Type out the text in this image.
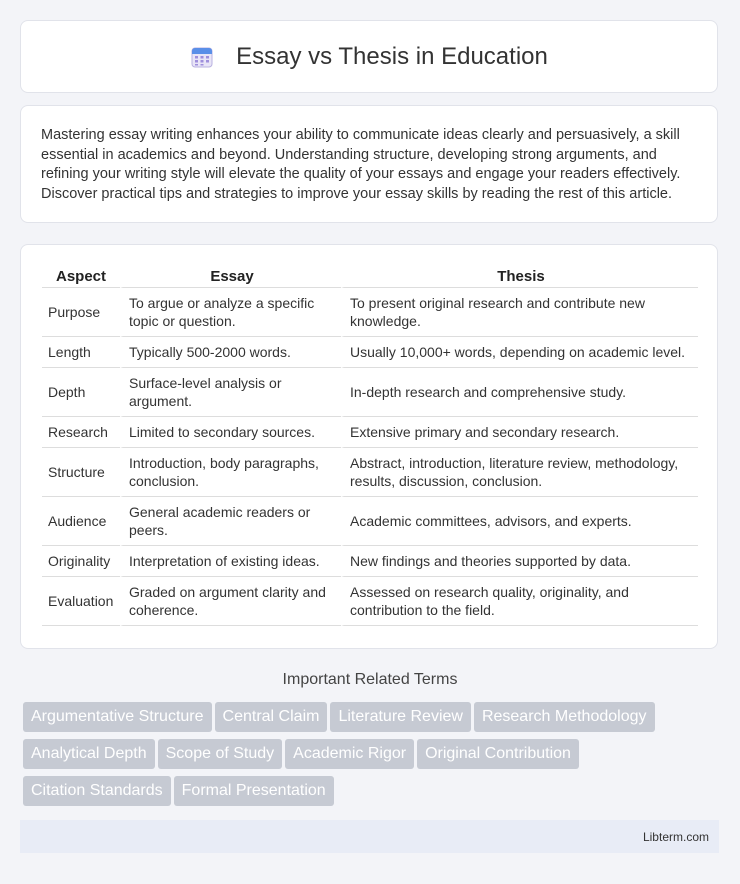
Essay vs Thesis in Education

Mastering essay writing enhances your ability to communicate ideas clearly and persuasively, a skill essential in academics and beyond. Understanding structure, developing strong arguments, and refining your writing style will elevate the quality of your essays and engage your readers effectively. Discover practical tips and strategies to improve your essay skills by reading the rest of this article.

Aspect	Essay	Thesis
Purpose	To argue or analyze a specific topic or question.	To present original research and contribute new knowledge.
Length	Typically 500-2000 words.	Usually 10,000+ words, depending on academic level.
Depth	Surface-level analysis or argument.	In-depth research and comprehensive study.
Research	Limited to secondary sources.	Extensive primary and secondary research.
Structure	Introduction, body paragraphs, conclusion.	Abstract, introduction, literature review, methodology, results, discussion, conclusion.
Audience	General academic readers or peers.	Academic committees, advisors, and experts.
Originality	Interpretation of existing ideas.	New findings and theories supported by data.
Evaluation	Graded on argument clarity and coherence.	Assessed on research quality, originality, and contribution to the field.
Important Related Terms
Argumentative Structure Central Claim Literature Review Research Methodology
Analytical Depth Scope of Study Academic Rigor Original Contribution
Citation Standards Formal Presentation
Libterm.com
